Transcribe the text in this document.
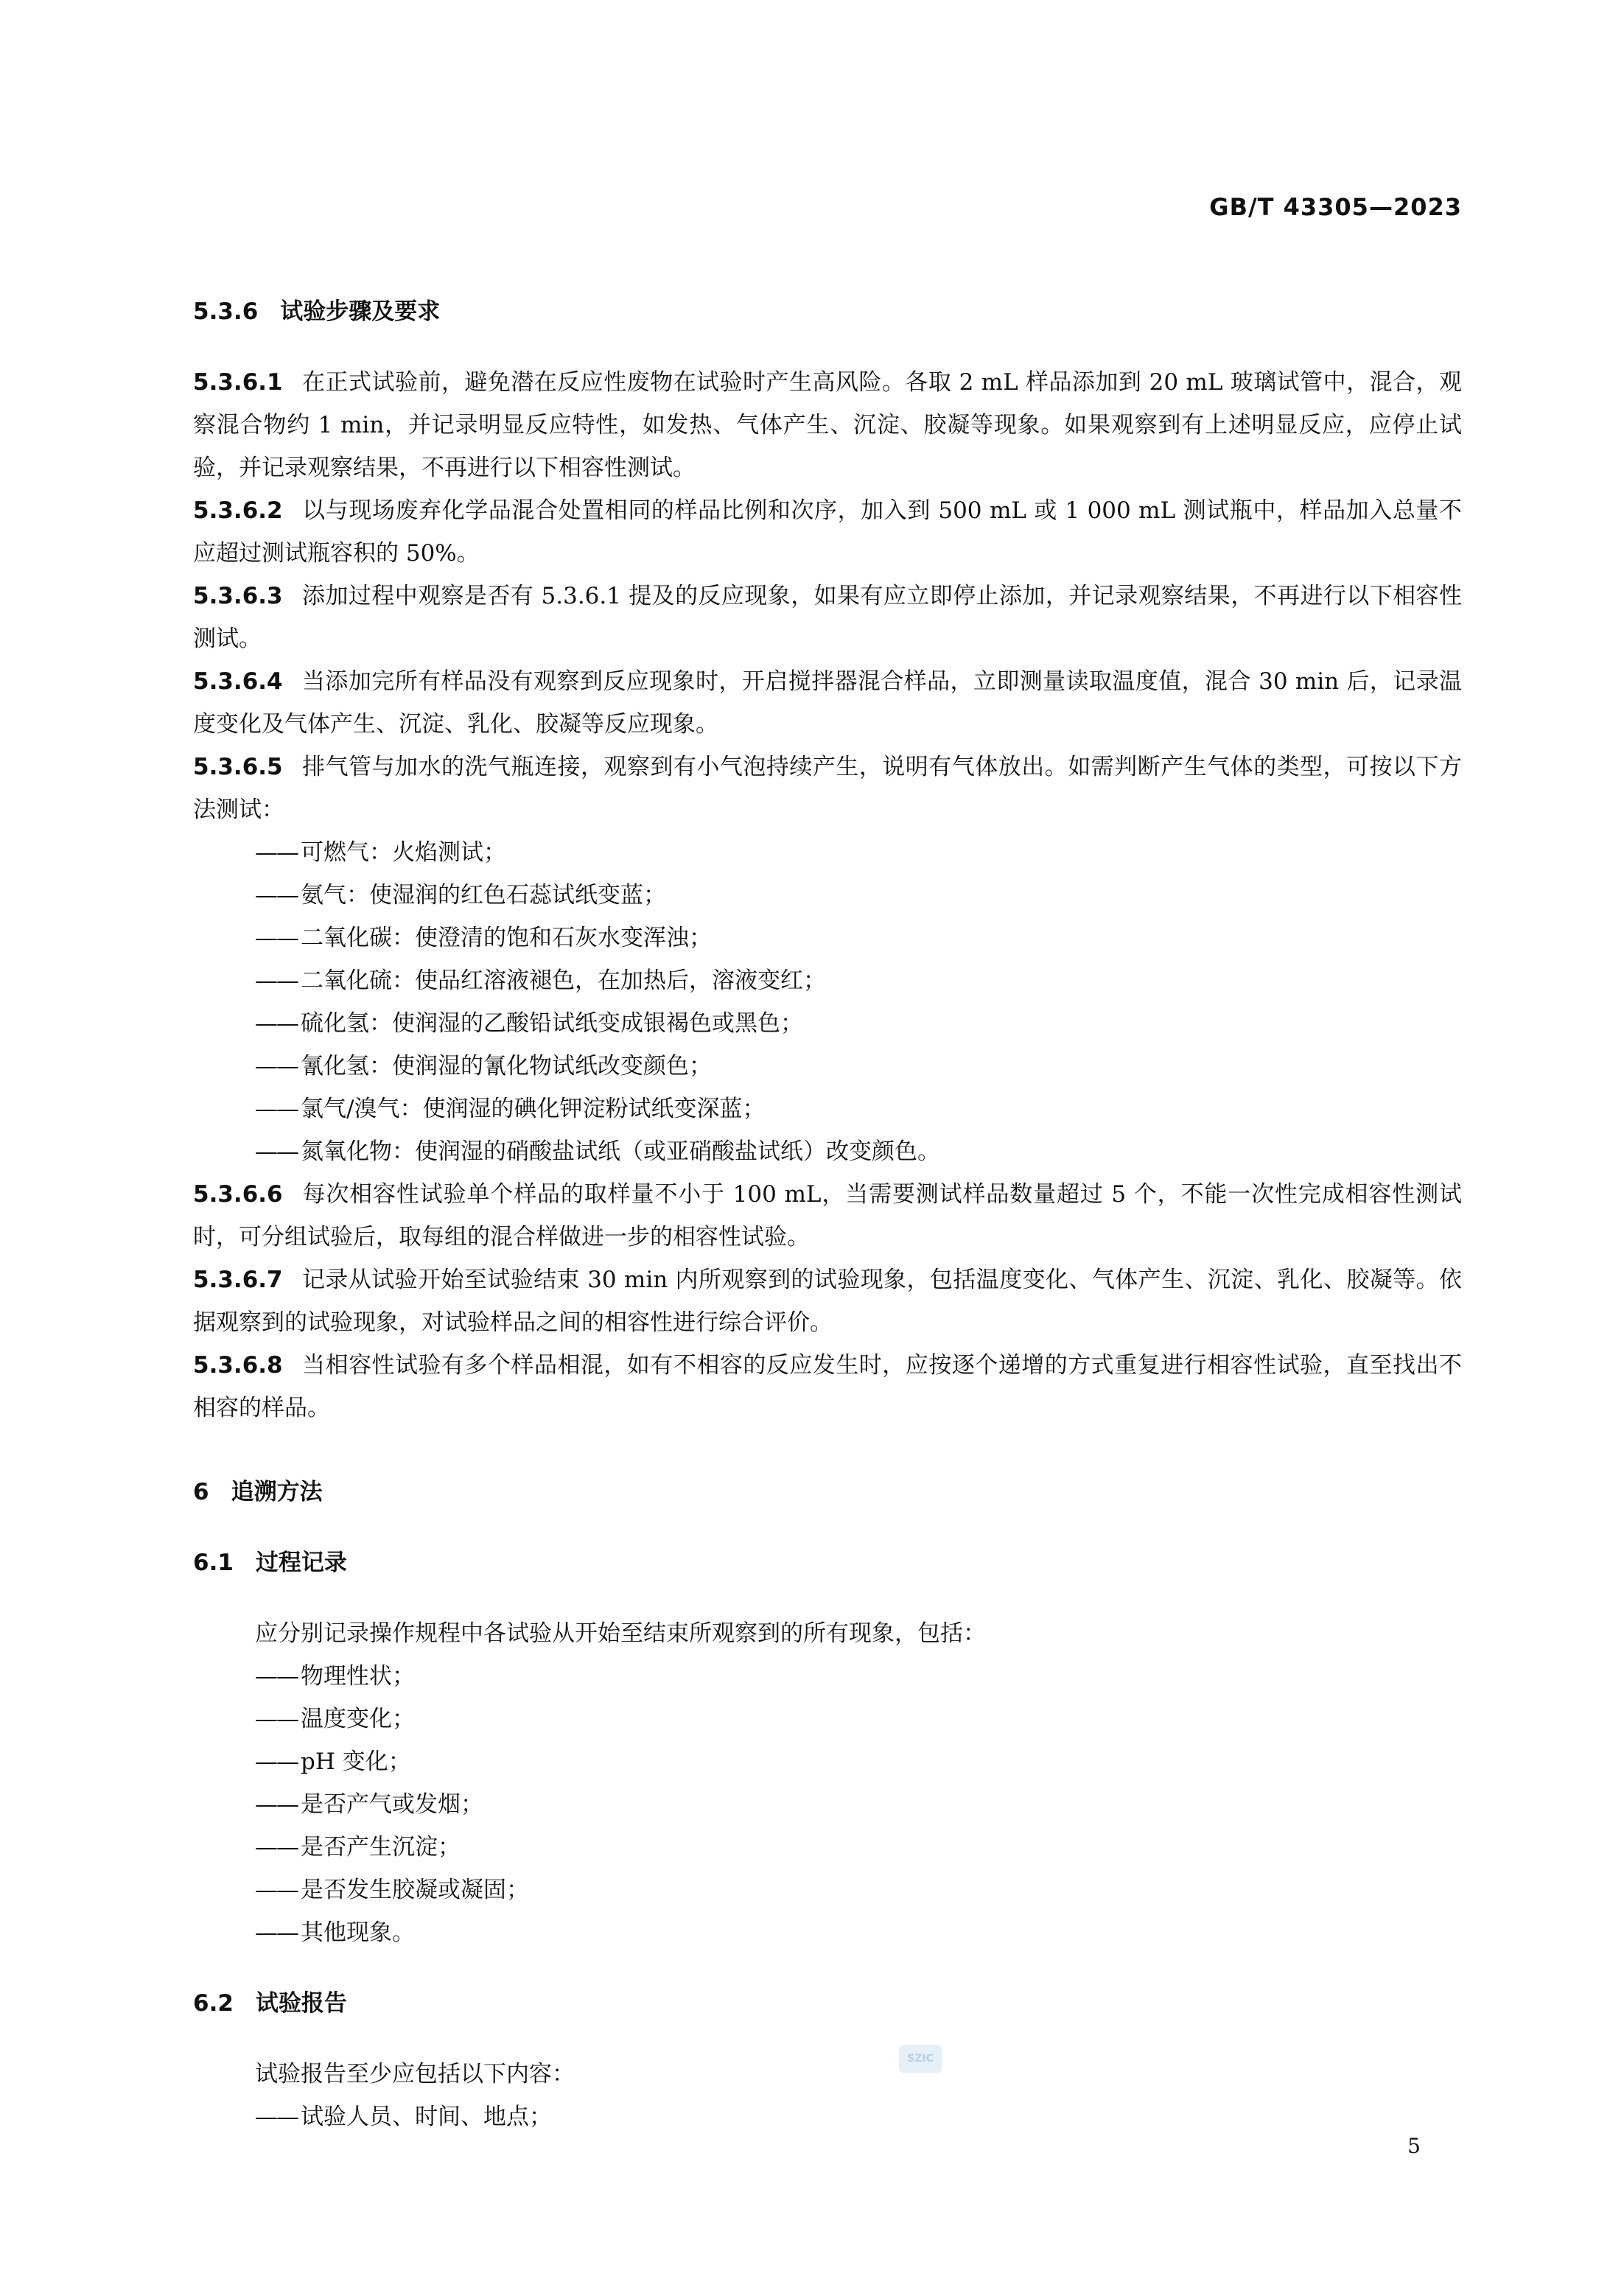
GB/T 43305—2023

5.3.6 试验步骤及要求

5.3.6.1 在正式试验前，避免潜在反应性废物在试验时产生高风险。各取 2 mL 样品添加到 20 mL 玻璃试管中，混合，观察混合物约 1 min，并记录明显反应特性，如发热、气体产生、沉淀、胶凝等现象。如果观察到有上述明显反应，应停止试验，并记录观察结果，不再进行以下相容性测试。

5.3.6.2 以与现场废弃化学品混合处置相同的样品比例和次序，加入到 500 mL 或 1 000 mL 测试瓶中，样品加入总量不应超过测试瓶容积的 50%。

5.3.6.3 添加过程中观察是否有 5.3.6.1 提及的反应现象，如果有应立即停止添加，并记录观察结果，不再进行以下相容性测试。

5.3.6.4 当添加完所有样品没有观察到反应现象时，开启搅拌器混合样品，立即测量读取温度值，混合 30 min 后，记录温度变化及气体产生、沉淀、乳化、胶凝等反应现象。

5.3.6.5 排气管与加水的洗气瓶连接，观察到有小气泡持续产生，说明有气体放出。如需判断产生气体的类型，可按以下方法测试：

—— 可燃气：火焰测试；
—— 氨气：使湿润的红色石蕊试纸变蓝；
—— 二氧化碳：使澄清的饱和石灰水变浑浊；
—— 二氧化硫：使品红溶液褪色，在加热后，溶液变红；
—— 硫化氢：使润湿的乙酸铅试纸变成银褐色或黑色；
—— 氰化氢：使润湿的氰化物试纸改变颜色；
—— 氯气/溴气：使润湿的碘化钾淀粉试纸变深蓝；
—— 氮氧化物：使润湿的硝酸盐试纸（或亚硝酸盐试纸）改变颜色。

5.3.6.6 每次相容性试验单个样品的取样量不小于 100 mL，当需要测试样品数量超过 5 个，不能一次性完成相容性测试时，可分组试验后，取每组的混合样做进一步的相容性试验。

5.3.6.7 记录从试验开始至试验结束 30 min 内所观察到的试验现象，包括温度变化、气体产生、沉淀、乳化、胶凝等。依据观察到的试验现象，对试验样品之间的相容性进行综合评价。

5.3.6.8 当相容性试验有多个样品相混，如有不相容的反应发生时，应按逐个递增的方式重复进行相容性试验，直至找出不相容的样品。

6 追溯方法

6.1 过程记录

应分别记录操作规程中各试验从开始至结束所观察到的所有现象，包括：

—— 物理性状；
—— 温度变化；
—— pH 变化；
—— 是否产气或发烟；
—— 是否产生沉淀；
—— 是否发生胶凝或凝固；
—— 其他现象。

6.2 试验报告

试验报告至少应包括以下内容：

—— 试验人员、时间、地点；
SZIC
5
